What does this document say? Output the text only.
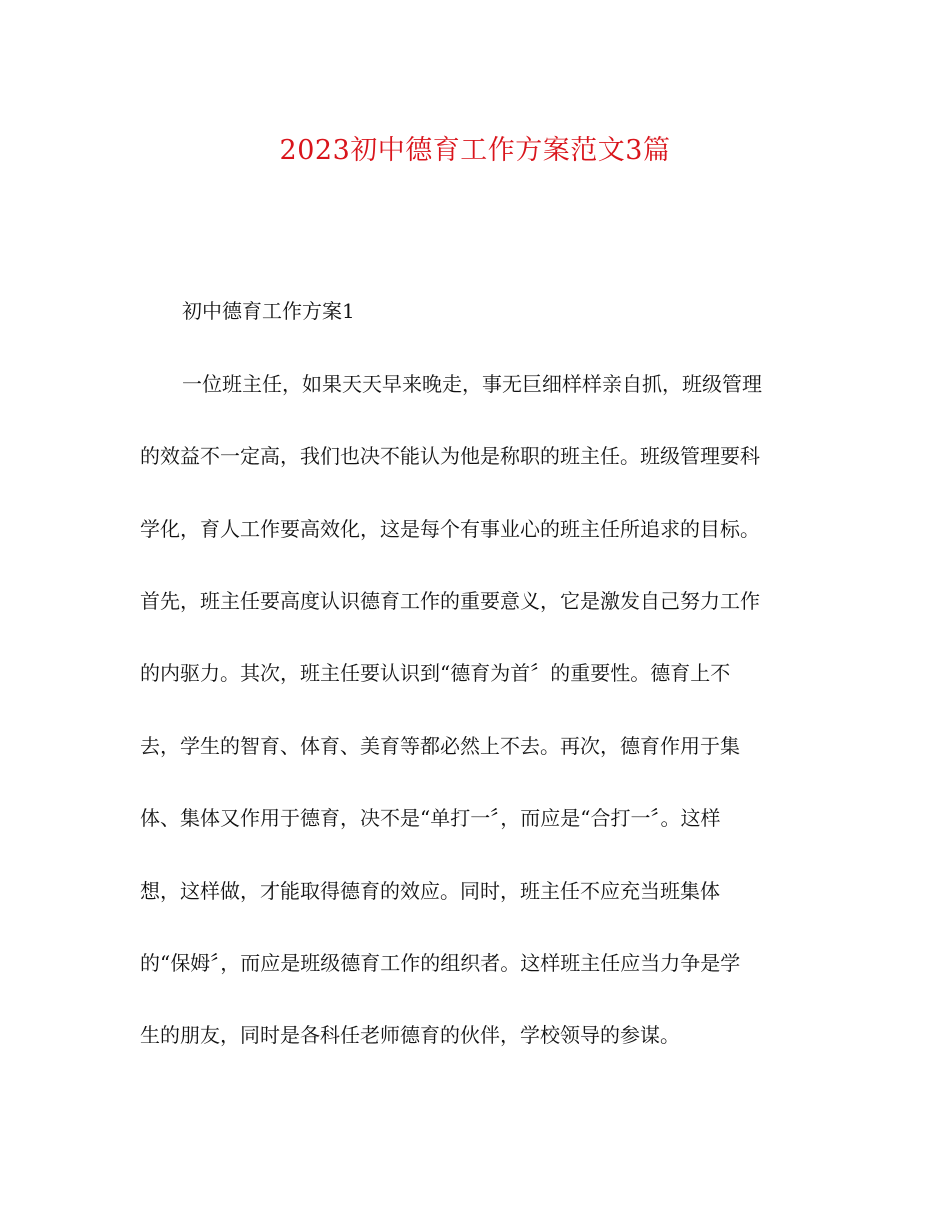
2023初中德育工作方案范文3篇
初中德育工作方案1
一位班主任，如果天天早来晚走，事无巨细样样亲自抓，班级管理
的效益不一定高，我们也决不能认为他是称职的班主任。班级管理要科
学化，育人工作要高效化，这是每个有事业心的班主任所追求的目标。
首先，班主任要高度认识德育工作的重要意义，它是激发自己努力工作
的内驱力。其次，班主任要认识到“德育为首〞的重要性。德育上不
去，学生的智育、体育、美育等都必然上不去。再次，德育作用于集
体、集体又作用于德育，决不是“单打一〞，而应是“合打一〞。这样
想，这样做，才能取得德育的效应。同时，班主任不应充当班集体
的“保姆〞，而应是班级德育工作的组织者。这样班主任应当力争是学
生的朋友，同时是各科任老师德育的伙伴，学校领导的参谋。
